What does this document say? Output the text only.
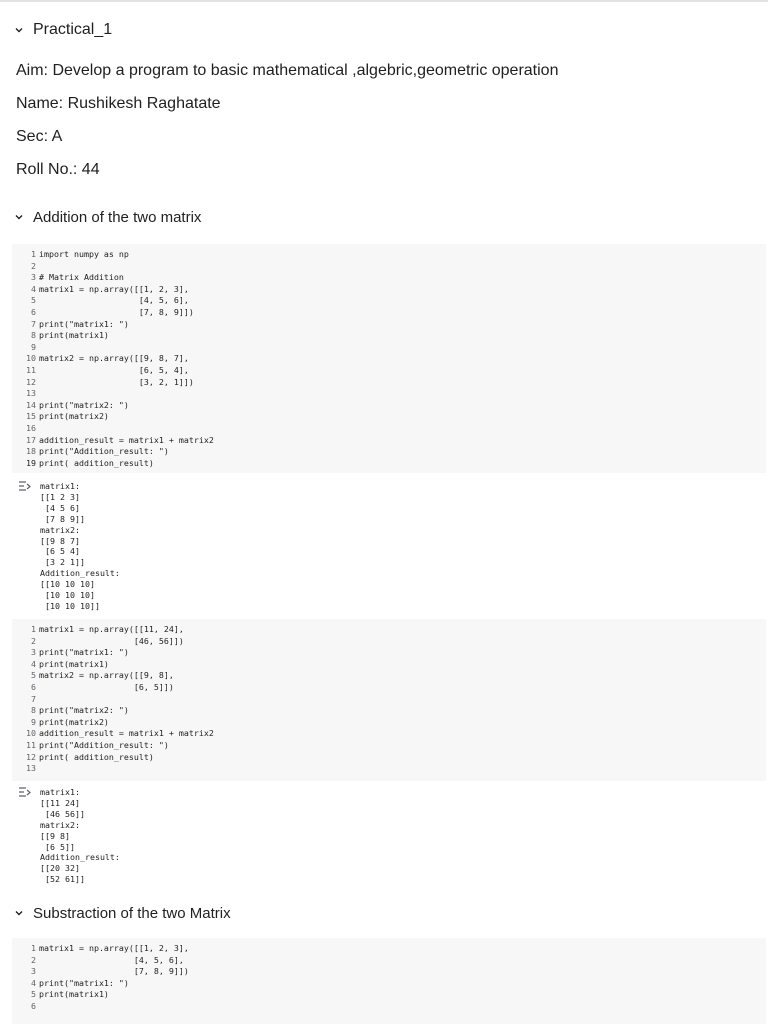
Practical_1
Aim: Develop a program to basic mathematical ,algebric,geometric operation
Name: Rushikesh Raghatate
Sec: A
Roll No.: 44
Addition of the two matrix
1 import numpy as np
2
3 # Matrix Addition
4 matrix1 = np.array([[1, 2, 3],
5 [4, 5, 6],
6 [7, 8, 9]])
7 print("matrix1: ")
8 print(matrix1)
9
10 matrix2 = np.array([[9, 8, 7],
11 [6, 5, 4],
12 [3, 2, 1]])
13
14 print("matrix2: ")
15 print(matrix2)
16
17 addition_result = matrix1 + matrix2
18 print("Addition_result: ")
19 print( addition_result)
matrix1:
[[1 2 3]
[4 5 6]
[7 8 9]]
matrix2:
[[9 8 7]
[6 5 4]
[3 2 1]]
Addition_result:
[[10 10 10]
[10 10 10]
[10 10 10]]
1 matrix1 = np.array([[11, 24],
2 [46, 56]])
3 print("matrix1: ")
4 print(matrix1)
5 matrix2 = np.array([[9, 8],
6 [6, 5]])
7
8 print("matrix2: ")
9 print(matrix2)
10 addition_result = matrix1 + matrix2
11 print("Addition_result: ")
12 print( addition_result)
13
matrix1:
[[11 24]
[46 56]]
matrix2:
[[9 8]
[6 5]]
Addition_result:
[[20 32]
[52 61]]
Substraction of the two Matrix
1 matrix1 = np.array([[1, 2, 3],
2 [4, 5, 6],
3 [7, 8, 9]])
4 print("matrix1: ")
5 print(matrix1)
6
